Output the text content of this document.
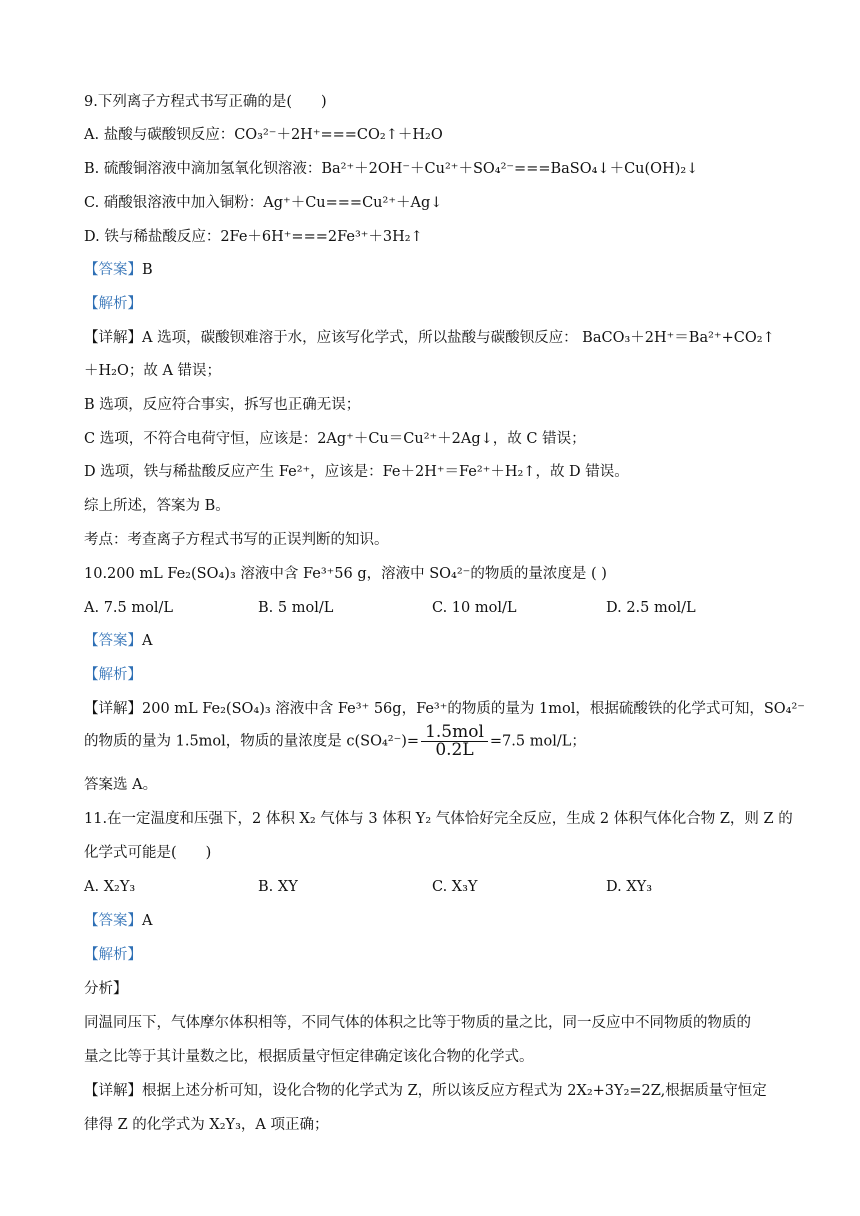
9.下列离子方程式书写正确的是(　　)
A. 盐酸与碳酸钡反应：CO₃²⁻＋2H⁺===CO₂↑＋H₂O
B. 硫酸铜溶液中滴加氢氧化钡溶液：Ba²⁺＋2OH⁻＋Cu²⁺＋SO₄²⁻===BaSO₄↓＋Cu(OH)₂↓
C. 硝酸银溶液中加入铜粉：Ag⁺＋Cu===Cu²⁺＋Ag↓
D. 铁与稀盐酸反应：2Fe＋6H⁺===2Fe³⁺＋3H₂↑
【答案】B
【解析】
【详解】A 选项，碳酸钡难溶于水，应该写化学式，所以盐酸与碳酸钡反应： BaCO₃＋2H⁺＝Ba²⁺+CO₂↑
＋H₂O；故 A 错误；
B 选项，反应符合事实，拆写也正确无误；
C 选项，不符合电荷守恒，应该是：2Ag⁺＋Cu＝Cu²⁺＋2Ag↓，故 C 错误；
D 选项，铁与稀盐酸反应产生 Fe²⁺，应该是：Fe＋2H⁺＝Fe²⁺＋H₂↑，故 D 错误。
综上所述，答案为 B。
考点：考查离子方程式书写的正误判断的知识。
10.200 mL Fe₂(SO₄)₃ 溶液中含 Fe³⁺56 g，溶液中 SO₄²⁻的物质的量浓度是 ( )
A. 7.5 mol/L	B. 5 mol/L	C. 10 mol/L	D. 2.5 mol/L
【答案】A
【解析】
【详解】200 mL Fe₂(SO₄)₃ 溶液中含 Fe³⁺ 56g，Fe³⁺的物质的量为 1mol，根据硫酸铁的化学式可知，SO₄²⁻
的物质的量为 1.5mol，物质的量浓度是 $c(SO_4^{2-})= \frac{\text{1.5mol}}{0.2L} =7.5$ mol/L；
答案选 A。
11.在一定温度和压强下，2 体积 X₂ 气体与 3 体积 Y₂ 气体恰好完全反应，生成 2 体积气体化合物 Z，则 Z 的
化学式可能是(　　)
A. X₂Y₃	B. XY	C. X₃Y	D. XY₃
【答案】A
【解析】
分析】
同温同压下，气体摩尔体积相等，不同气体的体积之比等于物质的量之比，同一反应中不同物质的物质的
量之比等于其计量数之比，根据质量守恒定律确定该化合物的化学式。
【详解】根据上述分析可知，设化合物的化学式为 Z，所以该反应方程式为 2X₂+3Y₂=2Z,根据质量守恒定
律得 Z 的化学式为 X₂Y₃，A 项正确；
